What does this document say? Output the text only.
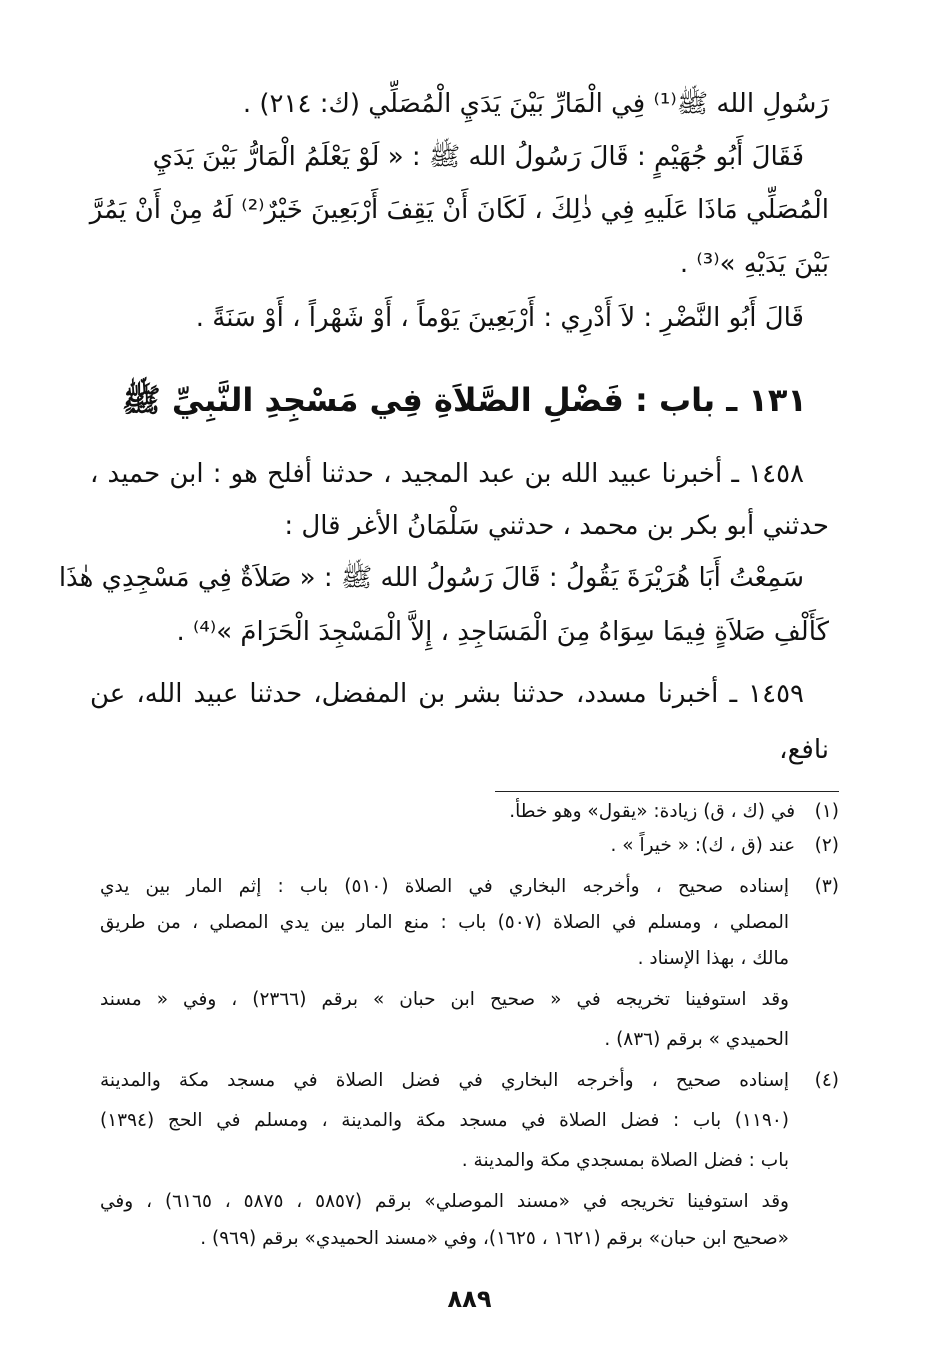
رَسُولِ الله ﷺ⁽¹⁾ فِي الْمَارِّ بَيْنَ يَدَيِ الْمُصَلِّي (ك: ٢١٤) .
فَقَالَ أَبُو جُهَيْمٍ : قَالَ رَسُولُ الله ﷺ : « لَوْ يَعْلَمُ الْمَارُّ بَيْنَ يَدَيِ
الْمُصَلِّي مَاذَا عَلَيهِ فِي ذٰلِكَ ، لَكَانَ أَنْ يَقِفَ أَرْبَعِينَ خَيْرٌ⁽²⁾ لَهُ مِنْ أَنْ يَمُرَّ
بَيْنَ يَدَيْهِ »⁽³⁾ .
قَالَ أَبُو النَّضْرِ : لاَ أَدْرِي : أَرْبَعِينَ يَوْماً ، أَوْ شَهْراً ، أَوْ سَنَةً .
١٣١ ـ باب : فَضْلِ الصَّلاَةِ فِي مَسْجِدِ النَّبِيِّ ﷺ
١٤٥٨ ـ أخبرنا عبيد الله بن عبد المجيد ، حدثنا أفلح هو : ابن حميد ،
حدثني أبو بكر بن محمد ، حدثني سَلْمَانُ الأغر قال :
سَمِعْتُ أَبَا هُرَيْرَةَ يَقُولُ : قَالَ رَسُولُ الله ﷺ : « صَلاَةٌ فِي مَسْجِدِي هٰذَا
كَأَلْفِ صَلاَةٍ فِيمَا سِوَاهُ مِنَ الْمَسَاجِدِ ، إِلاَّ الْمَسْجِدَ الْحَرَامَ »⁽⁴⁾ .
١٤٥٩ ـ أخبرنا مسدد، حدثنا بشر بن المفضل، حدثنا عبيد الله، عن
نافع،
(١) في (ك ، ق) زيادة: «يقول» وهو خطأ.
(٢) عند (ق ، ك): « خيراً » .
(٣)
إسناده صحيح ، وأخرجه البخاري في الصلاة (٥١٠) باب : إثم المار بين يدي
المصلي ، ومسلم في الصلاة (٥٠٧) باب : منع المار بين يدي المصلي ، من طريق
مالك ، بهذا الإسناد .
وقد استوفينا تخريجه في « صحيح ابن حبان » برقم (٢٣٦٦) ، وفي « مسند
الحميدي » برقم (٨٣٦) .
(٤)
إسناده صحيح ، وأخرجه البخاري في فضل الصلاة في مسجد مكة والمدينة
(١١٩٠) باب : فضل الصلاة في مسجد مكة والمدينة ، ومسلم في الحج (١٣٩٤)
باب : فضل الصلاة بمسجدي مكة والمدينة .
وقد استوفينا تخريجه في «مسند الموصلي» برقم (٥٨٥٧ ، ٥٨٧٥ ، ٦١٦٥) ، وفي
«صحيح ابن حبان» برقم (١٦٢١ ، ١٦٢٥)، وفي «مسند الحميدي» برقم (٩٦٩) .
٨٨٩
